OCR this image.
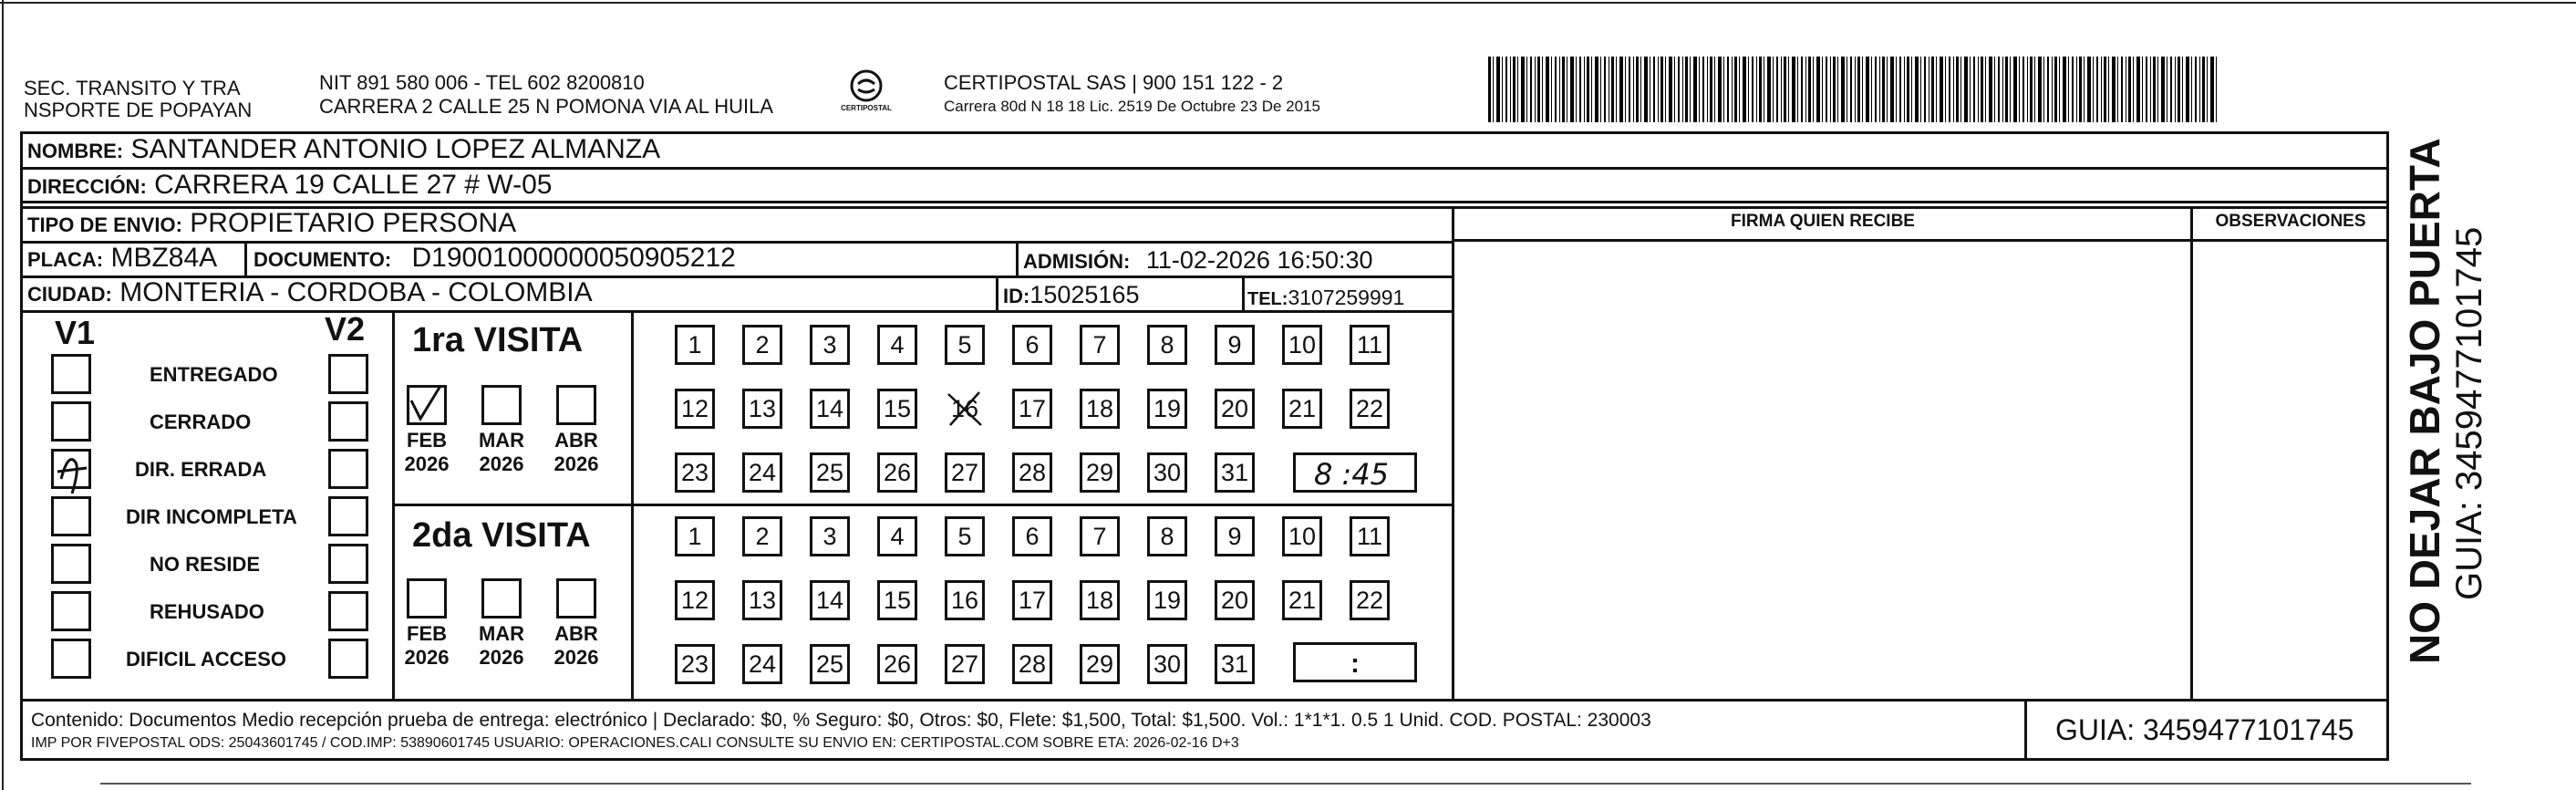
SEC. TRANSITO Y TRA
NSPORTE DE POPAYAN
NIT 891 580 006 - TEL 602 8200810
CARRERA 2 CALLE 25 N POMONA VIA AL HUILA	CERTIPOSTAL
CERTIPOSTAL SAS | 900 151 122 - 2
Carrera 80d N 18 18 Lic. 2519 De Octubre 23 De 2015
NOMBRE: SANTANDER ANTONIO LOPEZ ALMANZA
DIRECCIÓN: CARRERA 19 CALLE 27 # W-05
TIPO DE ENVIO: PROPIETARIO PERSONA
PLACA: MBZ84A DOCUMENTO: D19001000000050905212	ADMISIÓN: 11-02-2026 16:50:30
CIUDAD: MONTERIA - CORDOBA - COLOMBIA	ID:15025165	TEL:3107259991
FIRMA QUIEN RECIBE	OBSERVACIONES
V1	V2
ENTREGADO
CERRADO
DIR. ERRADA
DIR INCOMPLETA
NO RESIDE
REHUSADO
DIFICIL ACCESO
1ra VISITA
FEB
2026
MAR
2026
ABR
2026
1 2 3 4 5 6 7 8 9 10 11
12 13 14 15 16 17 18 19 20 21 22
23 24 25 26 27 28 29 30 31 8 :45
2da VISITA
FEB
2026
MAR
2026
ABR
2026
1 2 3 4 5 6 7 8 9 10 11
12 13 14 15 16 17 18 19 20 21 22
23 24 25 26 27 28 29 30 31	:
Contenido: Documentos Medio recepción prueba de entrega: electrónico | Declarado: $0, % Seguro: $0, Otros: $0, Flete: $1,500, Total: $1,500. Vol.: 1*1*1. 0.5 1 Unid. COD. POSTAL: 230003
IMP POR FIVEPOSTAL ODS: 25043601745 / COD.IMP: 53890601745 USUARIO: OPERACIONES.CALI CONSULTE SU ENVIO EN: CERTIPOSTAL.COM SOBRE ETA: 2026-02-16 D+3	GUIA: 3459477101745
NO DEJAR BAJO PUERTA GUIA: 3459477101745
